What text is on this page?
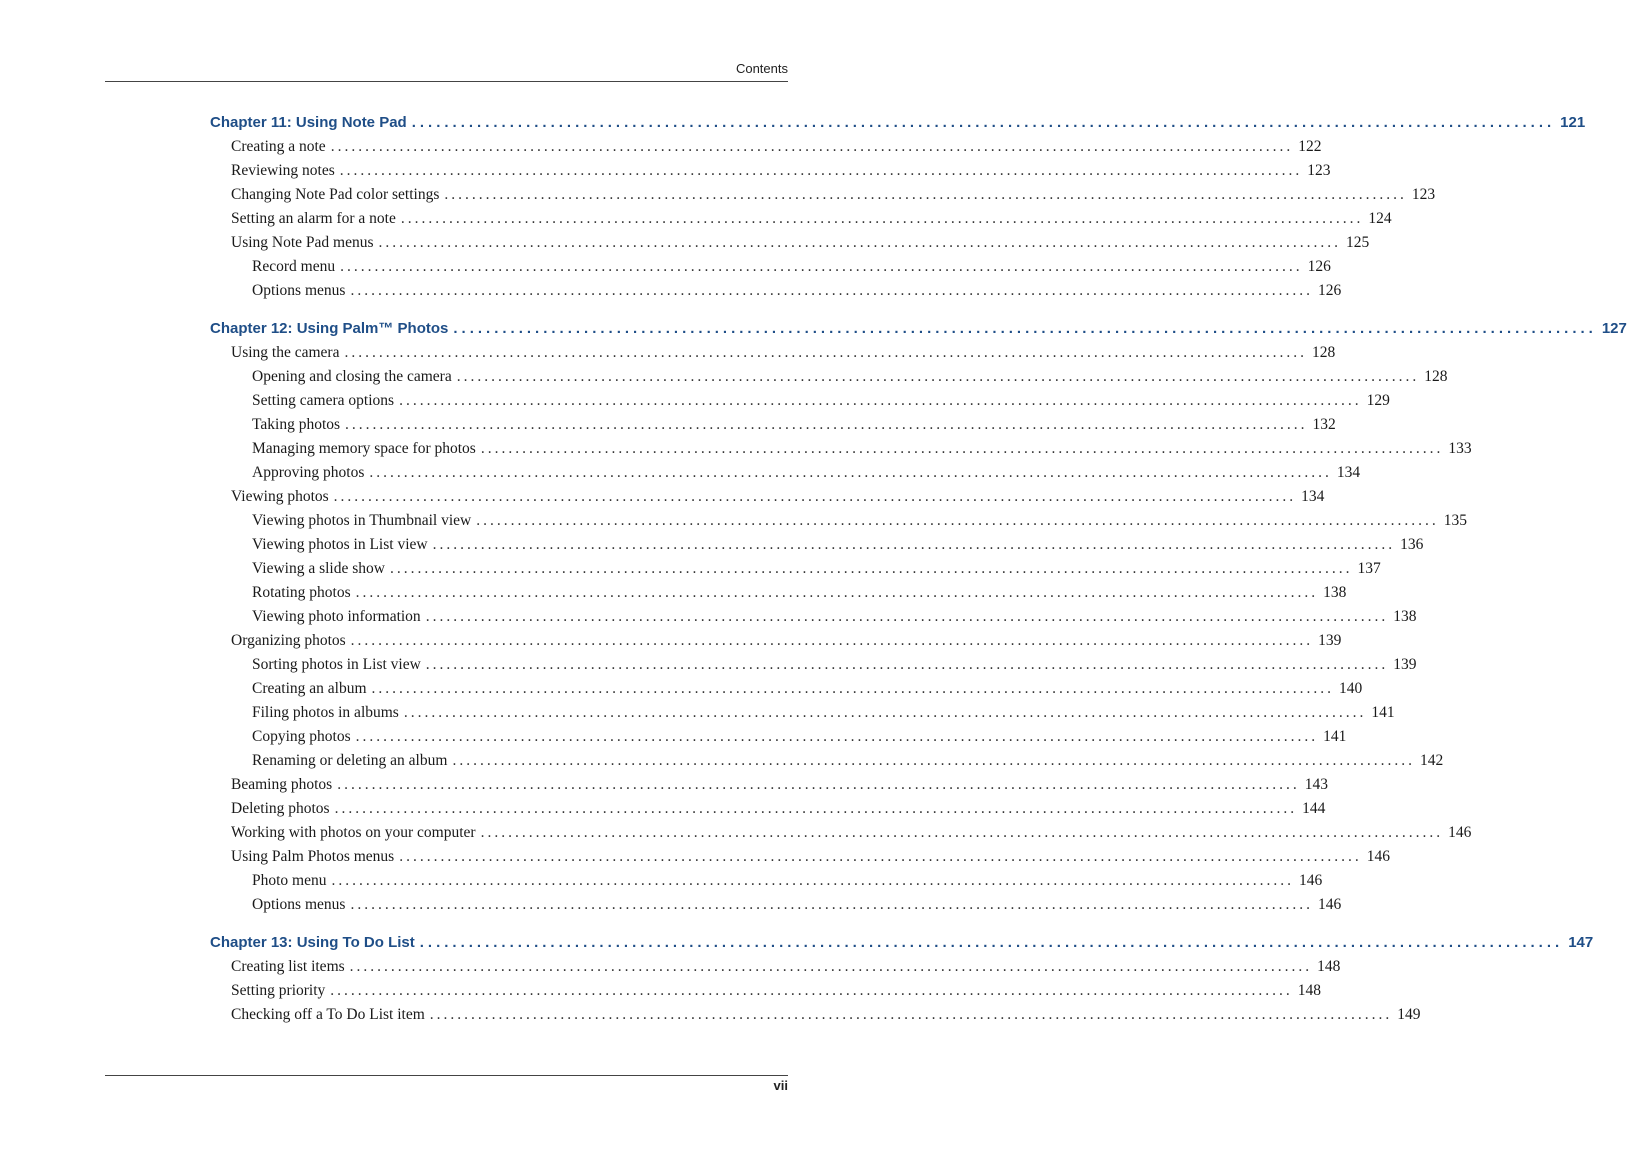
Contents
Chapter 11: Using Note Pad ............................................................................................................................................ 121
Creating a note ............................................................................................................................................ 122
Reviewing notes ............................................................................................................................................ 123
Changing Note Pad color settings ............................................................................................................................................ 123
Setting an alarm for a note ............................................................................................................................................ 124
Using Note Pad menus ............................................................................................................................................ 125
Record menu ............................................................................................................................................ 126
Options menus ............................................................................................................................................ 126
Chapter 12: Using Palm™ Photos ............................................................................................................................................ 127
Using the camera ............................................................................................................................................ 128
Opening and closing the camera ............................................................................................................................................ 128
Setting camera options ............................................................................................................................................ 129
Taking photos ............................................................................................................................................ 132
Managing memory space for photos ............................................................................................................................................ 133
Approving photos ............................................................................................................................................ 134
Viewing photos ............................................................................................................................................ 134
Viewing photos in Thumbnail view ............................................................................................................................................ 135
Viewing photos in List view ............................................................................................................................................ 136
Viewing a slide show ............................................................................................................................................ 137
Rotating photos ............................................................................................................................................ 138
Viewing photo information ............................................................................................................................................ 138
Organizing photos ............................................................................................................................................ 139
Sorting photos in List view ............................................................................................................................................ 139
Creating an album ............................................................................................................................................ 140
Filing photos in albums ............................................................................................................................................ 141
Copying photos ............................................................................................................................................ 141
Renaming or deleting an album ............................................................................................................................................ 142
Beaming photos ............................................................................................................................................ 143
Deleting photos ............................................................................................................................................ 144
Working with photos on your computer ............................................................................................................................................ 146
Using Palm Photos menus ............................................................................................................................................ 146
Photo menu ............................................................................................................................................ 146
Options menus ............................................................................................................................................ 146
Chapter 13: Using To Do List ............................................................................................................................................ 147
Creating list items ............................................................................................................................................ 148
Setting priority ............................................................................................................................................ 148
Checking off a To Do List item ............................................................................................................................................ 149
vii
